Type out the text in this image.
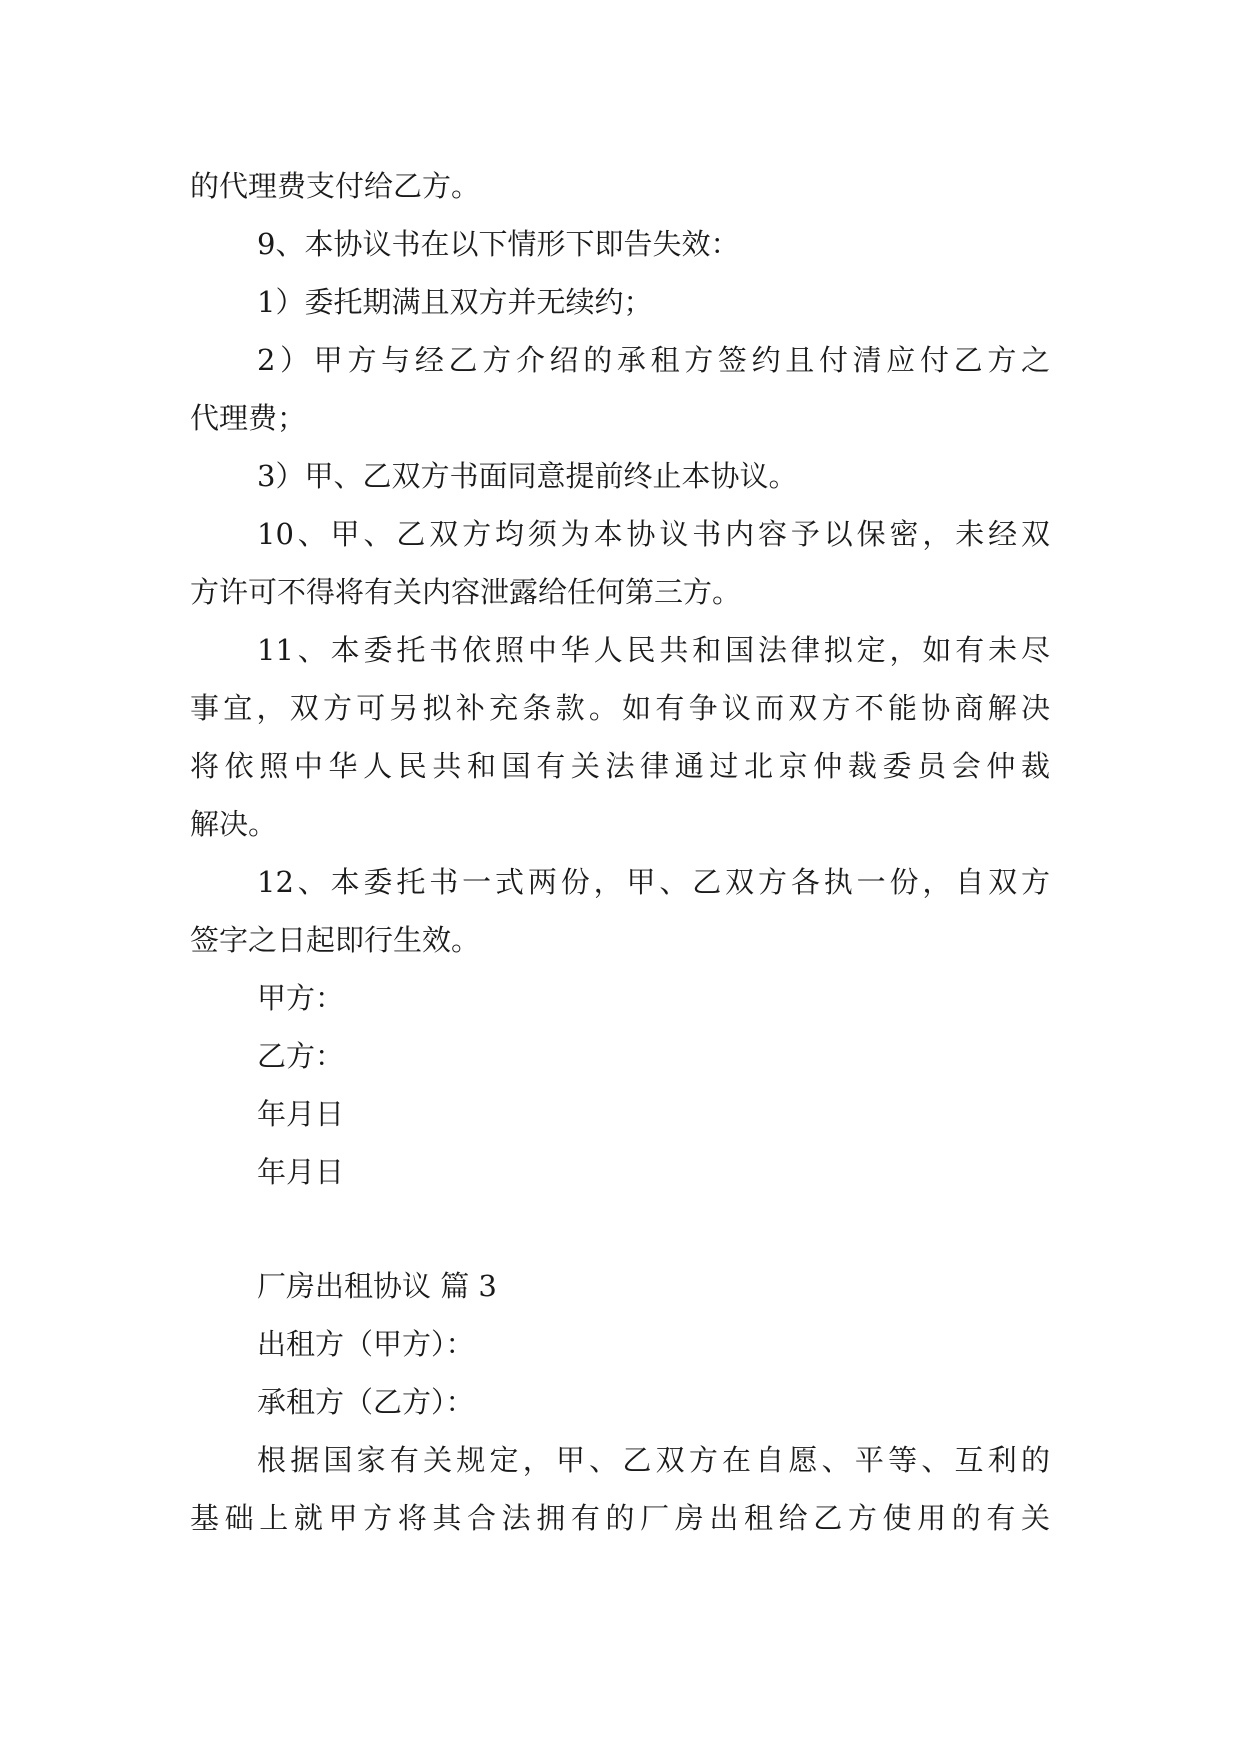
的代理费支付给乙方。
9、本协议书在以下情形下即告失效：
1）委托期满且双方并无续约；
2）甲方与经乙方介绍的承租方签约且付清应付乙方之
代理费；
3）甲、乙双方书面同意提前终止本协议。
10、甲、乙双方均须为本协议书内容予以保密，未经双
方许可不得将有关内容泄露给任何第三方。
11、本委托书依照中华人民共和国法律拟定，如有未尽
事宜，双方可另拟补充条款。如有争议而双方不能协商解决
将依照中华人民共和国有关法律通过北京仲裁委员会仲裁
解决。
12、本委托书一式两份，甲、乙双方各执一份，自双方
签字之日起即行生效。
甲方：
乙方：
年月日
年月日
厂房出租协议 篇 3
出租方（甲方）：
承租方（乙方）：
根据国家有关规定，甲、乙双方在自愿、平等、互利的
基础上就甲方将其合法拥有的厂房出租给乙方使用的有关
